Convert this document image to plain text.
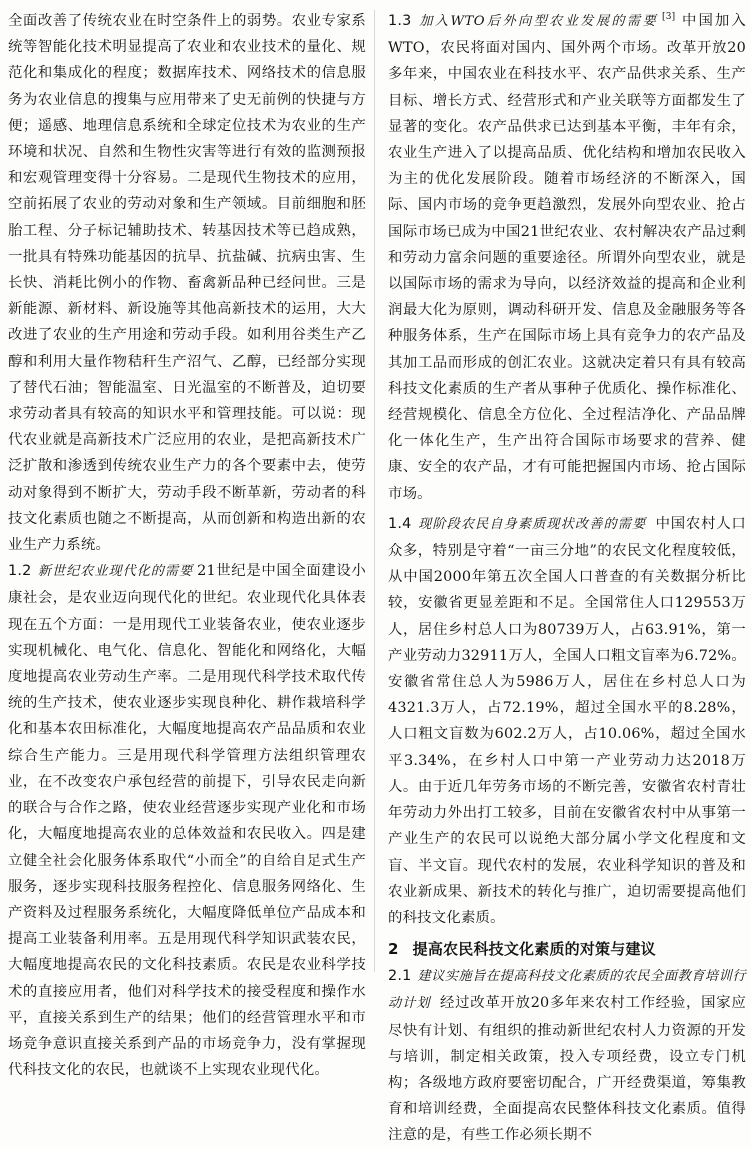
全面改善了传统农业在时空条件上的弱势。农业专家系统等智能化技术明显提高了农业和农业技术的量化、规范化和集成化的程度；数据库技术、网络技术的信息服务为农业信息的搜集与应用带来了史无前例的快捷与方便；遥感、地理信息系统和全球定位技术为农业的生产环境和状况、自然和生物性灾害等进行有效的监测预报和宏观管理变得十分容易。二是现代生物技术的应用，空前拓展了农业的劳动对象和生产领域。目前细胞和胚胎工程、分子标记辅助技术、转基因技术等已趋成熟，一批具有特殊功能基因的抗旱、抗盐碱、抗病虫害、生长快、消耗比例小的作物、畜禽新品种已经问世。三是新能源、新材料、新设施等其他高新技术的运用，大大改进了农业的生产用途和劳动手段。如利用谷类生产乙醇和利用大量作物秸秆生产沼气、乙醇，已经部分实现了替代石油；智能温室、日光温室的不断普及，迫切要求劳动者具有较高的知识水平和管理技能。可以说：现代农业就是高新技术广泛应用的农业，是把高新技术广泛扩散和渗透到传统农业生产力的各个要素中去，使劳动对象得到不断扩大，劳动手段不断革新，劳动者的科技文化素质也随之不断提高，从而创新和构造出新的农业生产力系统。

1.2 新世纪农业现代化的需要 21世纪是中国全面建设小康社会，是农业迈向现代化的世纪。农业现代化具体表现在五个方面：一是用现代工业装备农业，使农业逐步实现机械化、电气化、信息化、智能化和网络化，大幅度地提高农业劳动生产率。二是用现代科学技术取代传统的生产技术，使农业逐步实现良种化、耕作栽培科学化和基本农田标准化，大幅度地提高农产品品质和农业综合生产能力。三是用现代科学管理方法组织管理农业，在不改变农户承包经营的前提下，引导农民走向新的联合与合作之路，使农业经营逐步实现产业化和市场化，大幅度地提高农业的总体效益和农民收入。四是建立健全社会化服务体系取代“小而全”的自给自足式生产服务，逐步实现科技服务程控化、信息服务网络化、生产资料及过程服务系统化，大幅度降低单位产品成本和提高工业装备利用率。五是用现代科学知识武装农民，大幅度地提高农民的文化科技素质。农民是农业科学技术的直接应用者，他们对科学技术的接受程度和操作水平，直接关系到生产的结果；他们的经营管理水平和市场竞争意识直接关系到产品的市场竞争力，没有掌握现代科技文化的农民，也就谈不上实现农业现代化。

1.3 加入WTO后外向型农业发展的需要 [3] 中国加入WTO，农民将面对国内、国外两个市场。改革开放20多年来，中国农业在科技水平、农产品供求关系、生产目标、增长方式、经营形式和产业关联等方面都发生了显著的变化。农产品供求已达到基本平衡，丰年有余，农业生产进入了以提高品质、优化结构和增加农民收入为主的优化发展阶段。随着市场经济的不断深入，国际、国内市场的竞争更趋激烈，发展外向型农业、抢占国际市场已成为中国21世纪农业、农村解决农产品过剩和劳动力富余问题的重要途径。所谓外向型农业，就是以国际市场的需求为导向，以经济效益的提高和企业利润最大化为原则，调动科研开发、信息及金融服务等各种服务体系，生产在国际市场上具有竞争力的农产品及其加工品而形成的创汇农业。这就决定着只有具有较高科技文化素质的生产者从事种子优质化、操作标准化、经营规模化、信息全方位化、全过程洁净化、产品品牌化一体化生产，生产出符合国际市场要求的营养、健康、安全的农产品，才有可能把握国内市场、抢占国际市场。

1.4 现阶段农民自身素质现状改善的需要 中国农村人口众多，特别是守着“一亩三分地”的农民文化程度较低，从中国2000年第五次全国人口普查的有关数据分析比较，安徽省更显差距和不足。全国常住人口129553万人，居住乡村总人口为80739万人，占63.91%，第一产业劳动力32911万人，全国人口粗文盲率为6.72%。安徽省常住总人为5986万人，居住在乡村总人口为4321.3万人，占72.19%，超过全国水平的8.28%，人口粗文盲数为602.2万人，占10.06%，超过全国水平3.34%，在乡村人口中第一产业劳动力达2018万人。由于近几年劳务市场的不断完善，安徽省农村青壮年劳动力外出打工较多，目前在安徽省农村中从事第一产业生产的农民可以说绝大部分属小学文化程度和文盲、半文盲。现代农村的发展，农业科学知识的普及和农业新成果、新技术的转化与推广，迫切需要提高他们的科技文化素质。

2 提高农民科技文化素质的对策与建议

2.1 建议实施旨在提高科技文化素质的农民全面教育培训行动计划 经过改革开放20多年来农村工作经验，国家应尽快有计划、有组织的推动新世纪农村人力资源的开发与培训，制定相关政策，投入专项经费，设立专门机构；各级地方政府要密切配合，广开经费渠道，筹集教育和培训经费，全面提高农民整体科技文化素质。值得注意的是，有些工作必须长期不
